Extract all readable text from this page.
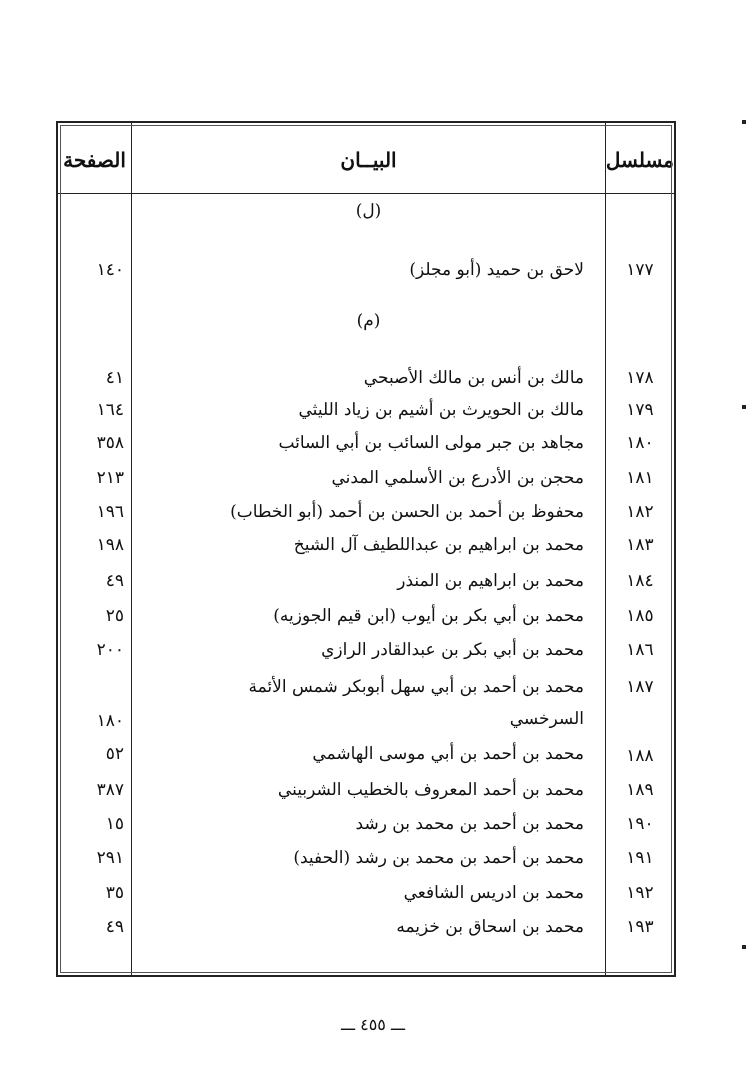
الصفحة	البيــان	مسلسل
(ل)
١٧٧
لاحق بن حميد (أبو مجلز)
١٤٠
(م)
١٧٨
مالك بن أنس بن مالك الأصبحي
٤١
١٧٩
مالك بن الحويرث بن أشيم بن زياد الليثي
١٦٤
١٨٠
مجاهد بن جبر مولى السائب بن أبي السائب
٣٥٨
١٨١
محجن بن الأدرع بن الأسلمي المدني
٢١٣
١٨٢
محفوظ بن أحمد بن الحسن بن أحمد (أبو الخطاب)
١٩٦
١٨٣
محمد بن ابراهيم بن عبداللطيف آل الشيخ
١٩٨
١٨٤
محمد بن ابراهيم بن المنذر
٤٩
١٨٥
محمد بن أبي بكر بن أيوب (ابن قيم الجوزيه)
٢٥
١٨٦
محمد بن أبي بكر بن عبدالقادر الرازي
٢٠٠
١٨٧
محمد بن أحمد بن أبي سهل أبوبكر شمس الأئمة
السرخسي
١٨٠
١٨٨
محمد بن أحمد بن أبي موسى الهاشمي
٥٢
١٨٩
محمد بن أحمد المعروف بالخطيب الشربيني
٣٨٧
١٩٠
محمد بن أحمد بن محمد بن رشد
١٥
١٩١
محمد بن أحمد بن محمد بن رشد (الحفيد)
٢٩١
١٩٢
محمد بن ادريس الشافعي
٣٥
١٩٣
محمد بن اسحاق بن خزيمه
٤٩
ـــ ٤٥٥ ـــ
